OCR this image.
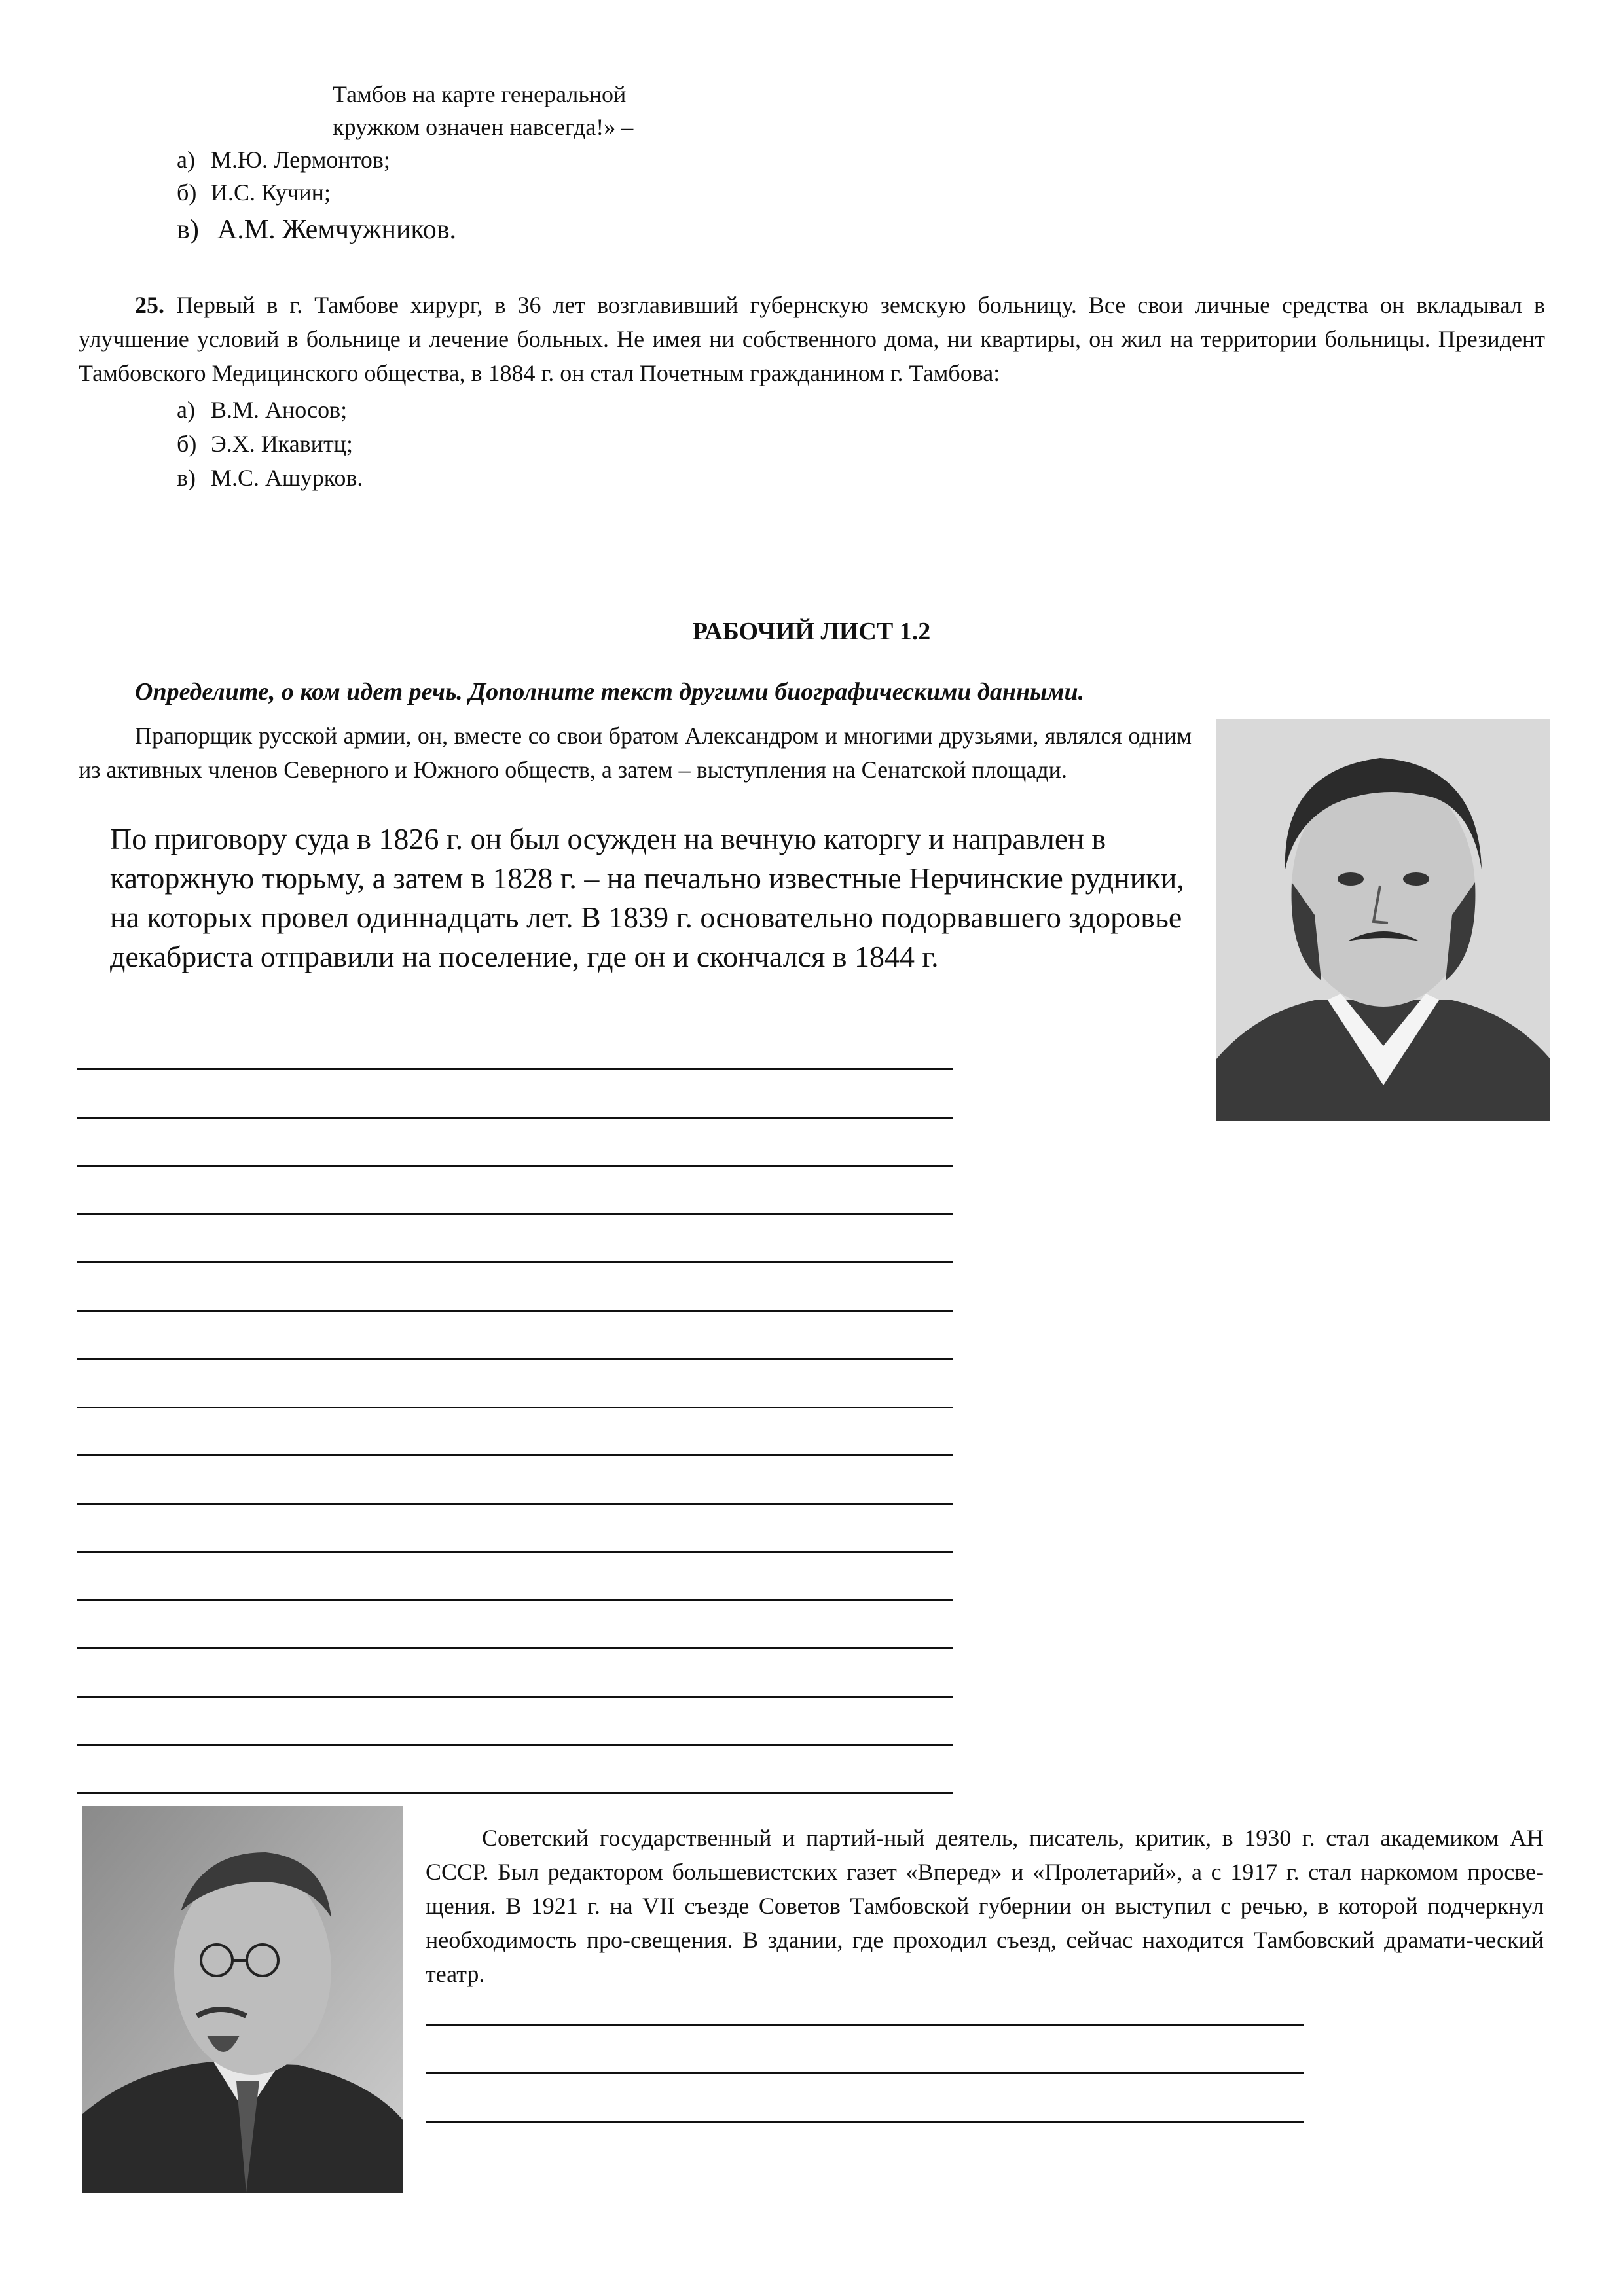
Тамбов на карте генеральной
кружком означен навсегда!» –
а) М.Ю. Лермонтов;
б) И.С. Кучин;
в) А.М. Жемчужников.
25. Первый в г. Тамбове хирург, в 36 лет возглавивший губернскую земскую больницу. Все свои личные средства он вкладывал в улучшение условий в больнице и лечение больных. Не имея ни собственного дома, ни квартиры, он жил на территории больницы. Президент Тамбовского Медицинского общества, в 1884 г. он стал Почетным гражданином г. Тамбова:
а) В.М. Аносов;
б) Э.Х. Икавитц;
в) М.С. Ашурков.
РАБОЧИЙ ЛИСТ 1.2
Определите, о ком идет речь. Дополните текст другими биографическими данными.
Прапорщик русской армии, он, вместе со свои братом Александром и многими друзьями, являлся одним из активных членов Северного и Южного обществ, а затем – выступления на Сенатской площади.
По приговору суда в 1826 г. он был осужден на вечную каторгу и направлен в каторжную тюрьму, а затем в 1828 г. – на печально известные Нерчинские рудники, на которых провел одиннадцать лет. В 1839 г. основательно подорвавшего здоровье декабриста отправили на поселение, где он и скончался в 1844 г.
Советский государственный и партий-ный деятель, писатель, критик, в 1930 г. стал академиком АН СССР. Был редактором большевистских газет «Вперед» и «Пролетарий», а с 1917 г. стал наркомом просве-щения. В 1921 г. на VII съезде Советов Тамбовской губернии он выступил с речью, в которой подчеркнул необходимость про-свещения. В здании, где проходил съезд, сейчас находится Тамбовский драмати-ческий театр.
